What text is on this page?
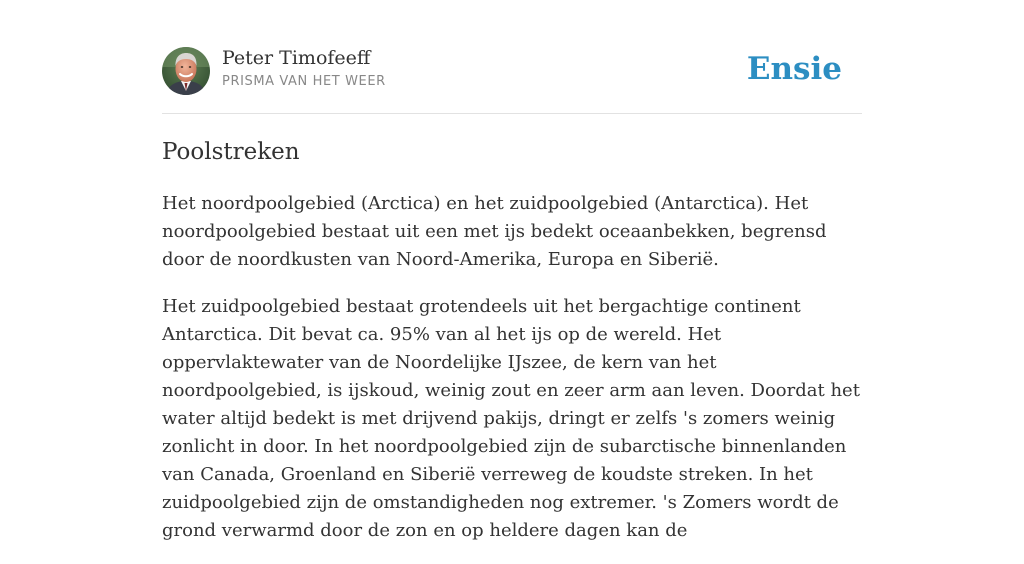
Peter Timofeeff
PRISMA VAN HET WEER	Ensie
Poolstreken

Het noordpoolgebied (Arctica) en het zuidpoolgebied (Antarctica). Het noordpoolgebied bestaat uit een met ijs bedekt oceaanbekken, begrensd door de noordkusten van Noord-Amerika, Europa en Siberië.

Het zuidpoolgebied bestaat grotendeels uit het bergachtige continent Antarctica. Dit bevat ca. 95% van al het ijs op de wereld. Het oppervlaktewater van de Noordelijke IJszee, de kern van het noordpoolgebied, is ijskoud, weinig zout en zeer arm aan leven. Doordat het water altijd bedekt is met drijvend pakijs, dringt er zelfs 's zomers weinig zonlicht in door. In het noordpoolgebied zijn de subarctische binnenlanden van Canada, Groenland en Siberië verreweg de koudste streken. In het zuidpoolgebied zijn de omstandigheden nog extremer. 's Zomers wordt de grond verwarmd door de zon en op heldere dagen kan de
